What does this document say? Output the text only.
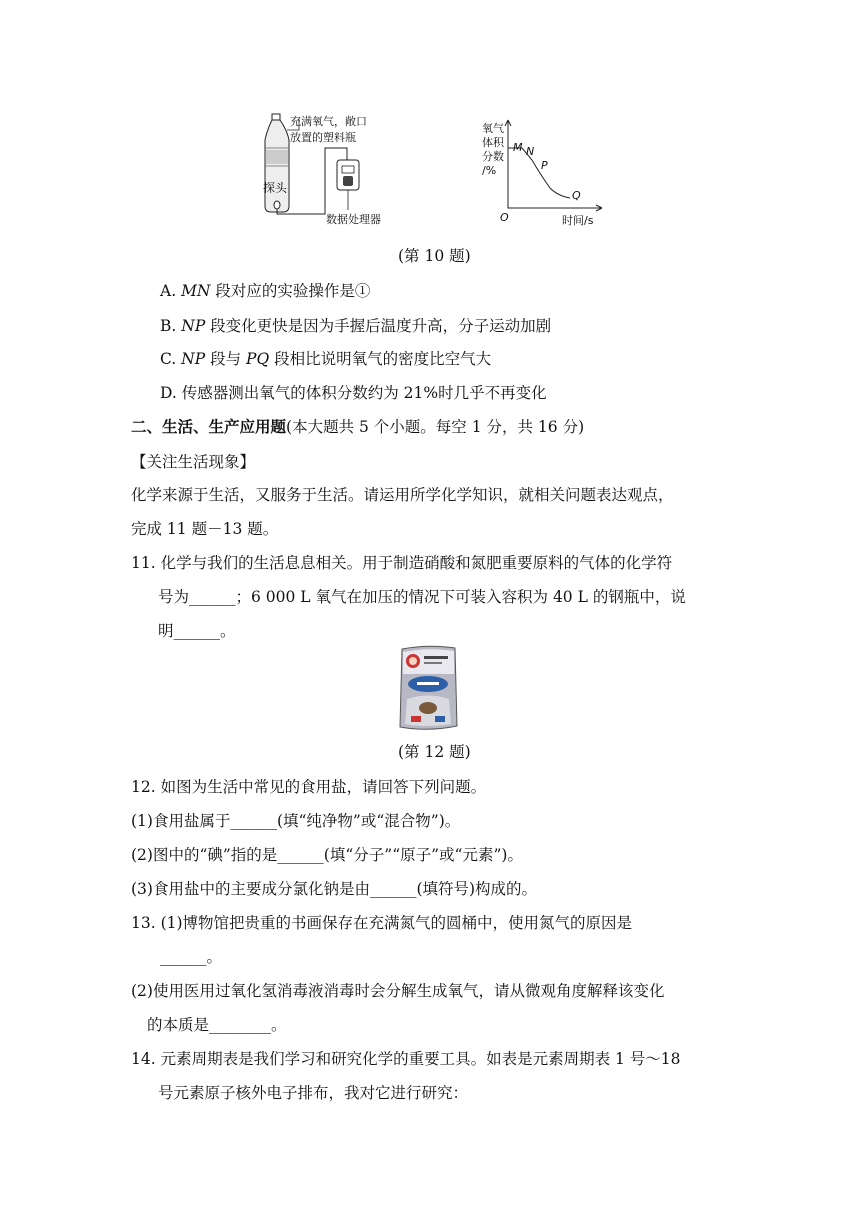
充满氧气，敞口
放置的塑料瓶
探头
数据处理器
氧气
体积
分数
/%
M N
P
Q
O	时间/s
(第 10 题)
A. MN 段对应的实验操作是①
B. NP 段变化更快是因为手握后温度升高，分子运动加剧
C. NP 段与 PQ 段相比说明氧气的密度比空气大
D. 传感器测出氧气的体积分数约为 21%时几乎不再变化
二、生活、生产应用题(本大题共 5 个小题。每空 1 分，共 16 分)
【关注生活现象】
化学来源于生活，又服务于生活。请运用所学化学知识，就相关问题表达观点，
完成 11 题－13 题。
11. 化学与我们的生活息息相关。用于制造硝酸和氮肥重要原料的气体的化学符
号为______；6 000 L 氧气在加压的情况下可装入容积为 40 L 的钢瓶中，说
明______。
(第 12 题)
12. 如图为生活中常见的食用盐，请回答下列问题。
(1)食用盐属于______(填“纯净物”或“混合物”)。
(2)图中的“碘”指的是______(填“分子”“原子”或“元素”)。
(3)食用盐中的主要成分氯化钠是由______(填符号)构成的。
13. (1)博物馆把贵重的书画保存在充满氮气的圆桶中，使用氮气的原因是
______。
(2)使用医用过氧化氢消毒液消毒时会分解生成氧气，请从微观角度解释该变化
的本质是________。
14. 元素周期表是我们学习和研究化学的重要工具。如表是元素周期表 1 号～18
号元素原子核外电子排布，我对它进行研究：
